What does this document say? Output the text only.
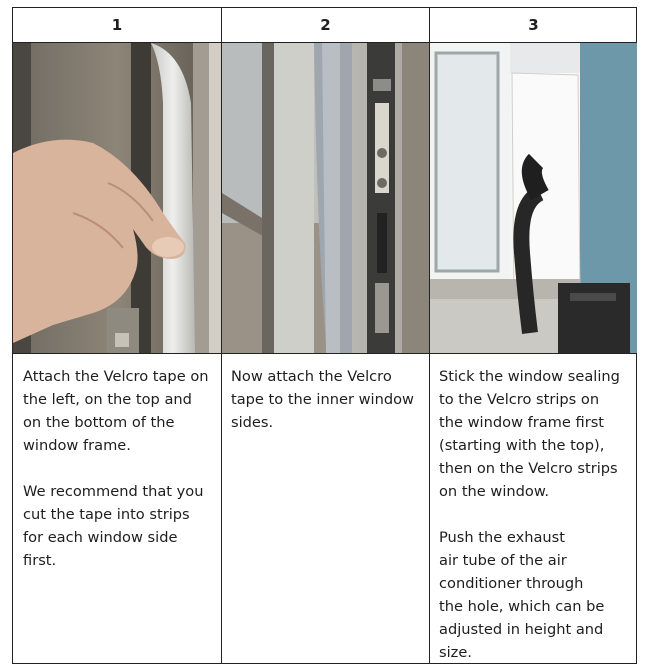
1	2	3

Attach the Velcro tape on
the left, on the top and
on the bottom of the
window frame.

We recommend that you
cut the tape into strips
for each window side
first.

Now attach the Velcro
tape to the inner window
sides.

Stick the window sealing
to the Velcro strips on
the window frame first
(starting with the top),
then on the Velcro strips
on the window.

Push the exhaust
air tube of the air
conditioner through
the hole, which can be
adjusted in height and
size.
